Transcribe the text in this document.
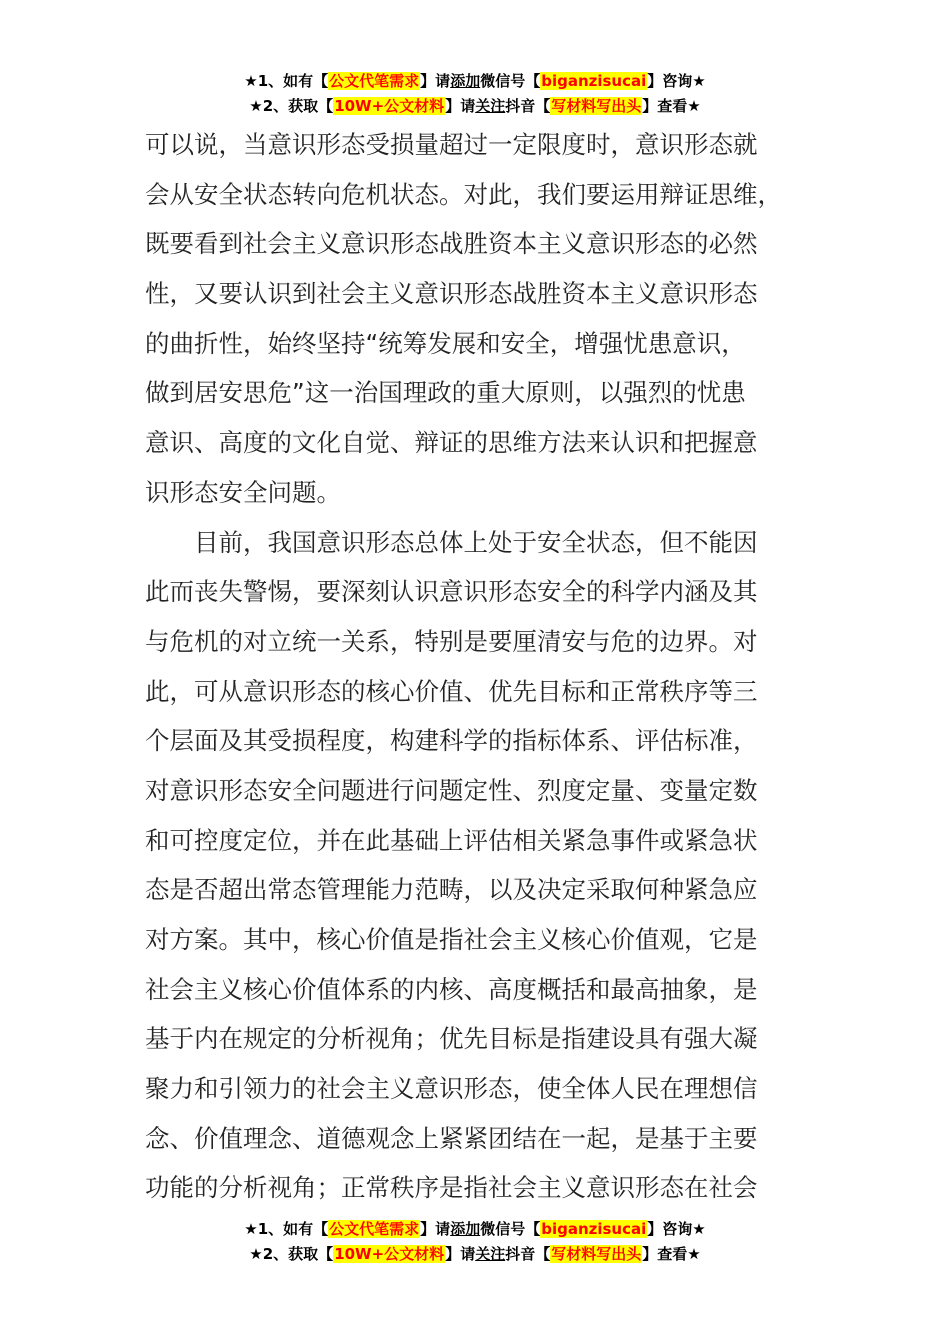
★1、如有【公文代笔需求】请添加微信号【biganzisucai】咨询★
★2、获取【10W+公文材料】请关注抖音【写材料写出头】查看★
可以说，当意识形态受损量超过一定限度时，意识形态就
会从安全状态转向危机状态。对此，我们要运用辩证思维，
既要看到社会主义意识形态战胜资本主义意识形态的必然
性，又要认识到社会主义意识形态战胜资本主义意识形态
的曲折性，始终坚持“统筹发展和安全，增强忧患意识，
做到居安思危”这一治国理政的重大原则，以强烈的忧患
意识、高度的文化自觉、辩证的思维方法来认识和把握意
识形态安全问题。
　　目前，我国意识形态总体上处于安全状态，但不能因
此而丧失警惕，要深刻认识意识形态安全的科学内涵及其
与危机的对立统一关系，特别是要厘清安与危的边界。对
此，可从意识形态的核心价值、优先目标和正常秩序等三
个层面及其受损程度，构建科学的指标体系、评估标准，
对意识形态安全问题进行问题定性、烈度定量、变量定数
和可控度定位，并在此基础上评估相关紧急事件或紧急状
态是否超出常态管理能力范畴，以及决定采取何种紧急应
对方案。其中，核心价值是指社会主义核心价值观，它是
社会主义核心价值体系的内核、高度概括和最高抽象，是
基于内在规定的分析视角；优先目标是指建设具有强大凝
聚力和引领力的社会主义意识形态，使全体人民在理想信
念、价值理念、道德观念上紧紧团结在一起，是基于主要
功能的分析视角；正常秩序是指社会主义意识形态在社会
★1、如有【公文代笔需求】请添加微信号【biganzisucai】咨询★
★2、获取【10W+公文材料】请关注抖音【写材料写出头】查看★
